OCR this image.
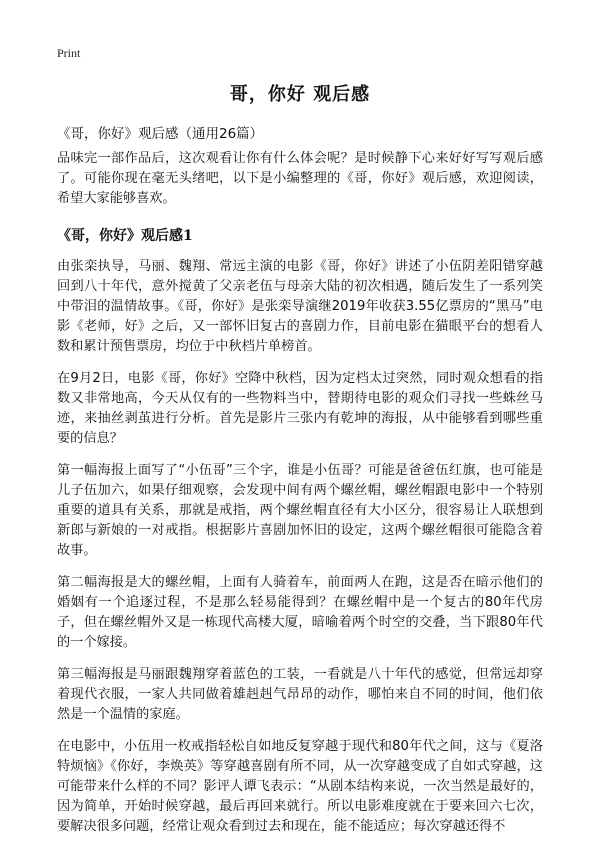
Print
哥，你好 观后感
《哥，你好》观后感（通用26篇）

品味完一部作品后，这次观看让你有什么体会呢？是时候静下心来好好写写观后感了。可能你现在毫无头绪吧，以下是小编整理的《哥，你好》观后感，欢迎阅读，希望大家能够喜欢。

《哥，你好》观后感1

由张栾执导，马丽、魏翔、常远主演的电影《哥，你好》讲述了小伍阴差阳错穿越回到八十年代，意外搅黄了父亲老伍与母亲大陆的初次相遇，随后发生了一系列笑中带泪的温情故事。《哥，你好》是张栾导演继2019年收获3.55亿票房的“黑马”电影《老师，好》之后，又一部怀旧复古的喜剧力作，目前电影在猫眼平台的想看人数和累计预售票房，均位于中秋档片单榜首。

在9月2日，电影《哥，你好》空降中秋档，因为定档太过突然，同时观众想看的指数又非常地高，今天从仅有的一些物料当中，替期待电影的观众们寻找一些蛛丝马迹，来抽丝剥茧进行分析。首先是影片三张内有乾坤的海报，从中能够看到哪些重要的信息？

第一幅海报上面写了“小伍哥”三个字，谁是小伍哥？可能是爸爸伍红旗，也可能是儿子伍加六，如果仔细观察，会发现中间有两个螺丝帽，螺丝帽跟电影中一个特别重要的道具有关系，那就是戒指，两个螺丝帽直径有大小区分，很容易让人联想到新郎与新娘的一对戒指。根据影片喜剧加怀旧的设定，这两个螺丝帽很可能隐含着故事。

第二幅海报是大的螺丝帽，上面有人骑着车，前面两人在跑，这是否在暗示他们的婚姻有一个追逐过程，不是那么轻易能得到？在螺丝帽中是一个复古的80年代房子，但在螺丝帽外又是一栋现代高楼大厦，暗喻着两个时空的交叠，当下跟80年代的一个嫁接。

第三幅海报是马丽跟魏翔穿着蓝色的工装，一看就是八十年代的感觉，但常远却穿着现代衣服，一家人共同做着雄赳赳气昂昂的动作，哪怕来自不同的时间，他们依然是一个温情的家庭。

在电影中，小伍用一枚戒指轻松自如地反复穿越于现代和80年代之间，这与《夏洛特烦恼》《你好，李焕英》等穿越喜剧有所不同，从一次穿越变成了自如式穿越，这可能带来什么样的不同？影评人谭飞表示：“从剧本结构来说，一次当然是最好的，因为简单，开始时候穿越，最后再回来就行。所以电影难度就在于要来回六七次，要解决很多问题，经常让观众看到过去和现在，能不能适应；每次穿越还得不
